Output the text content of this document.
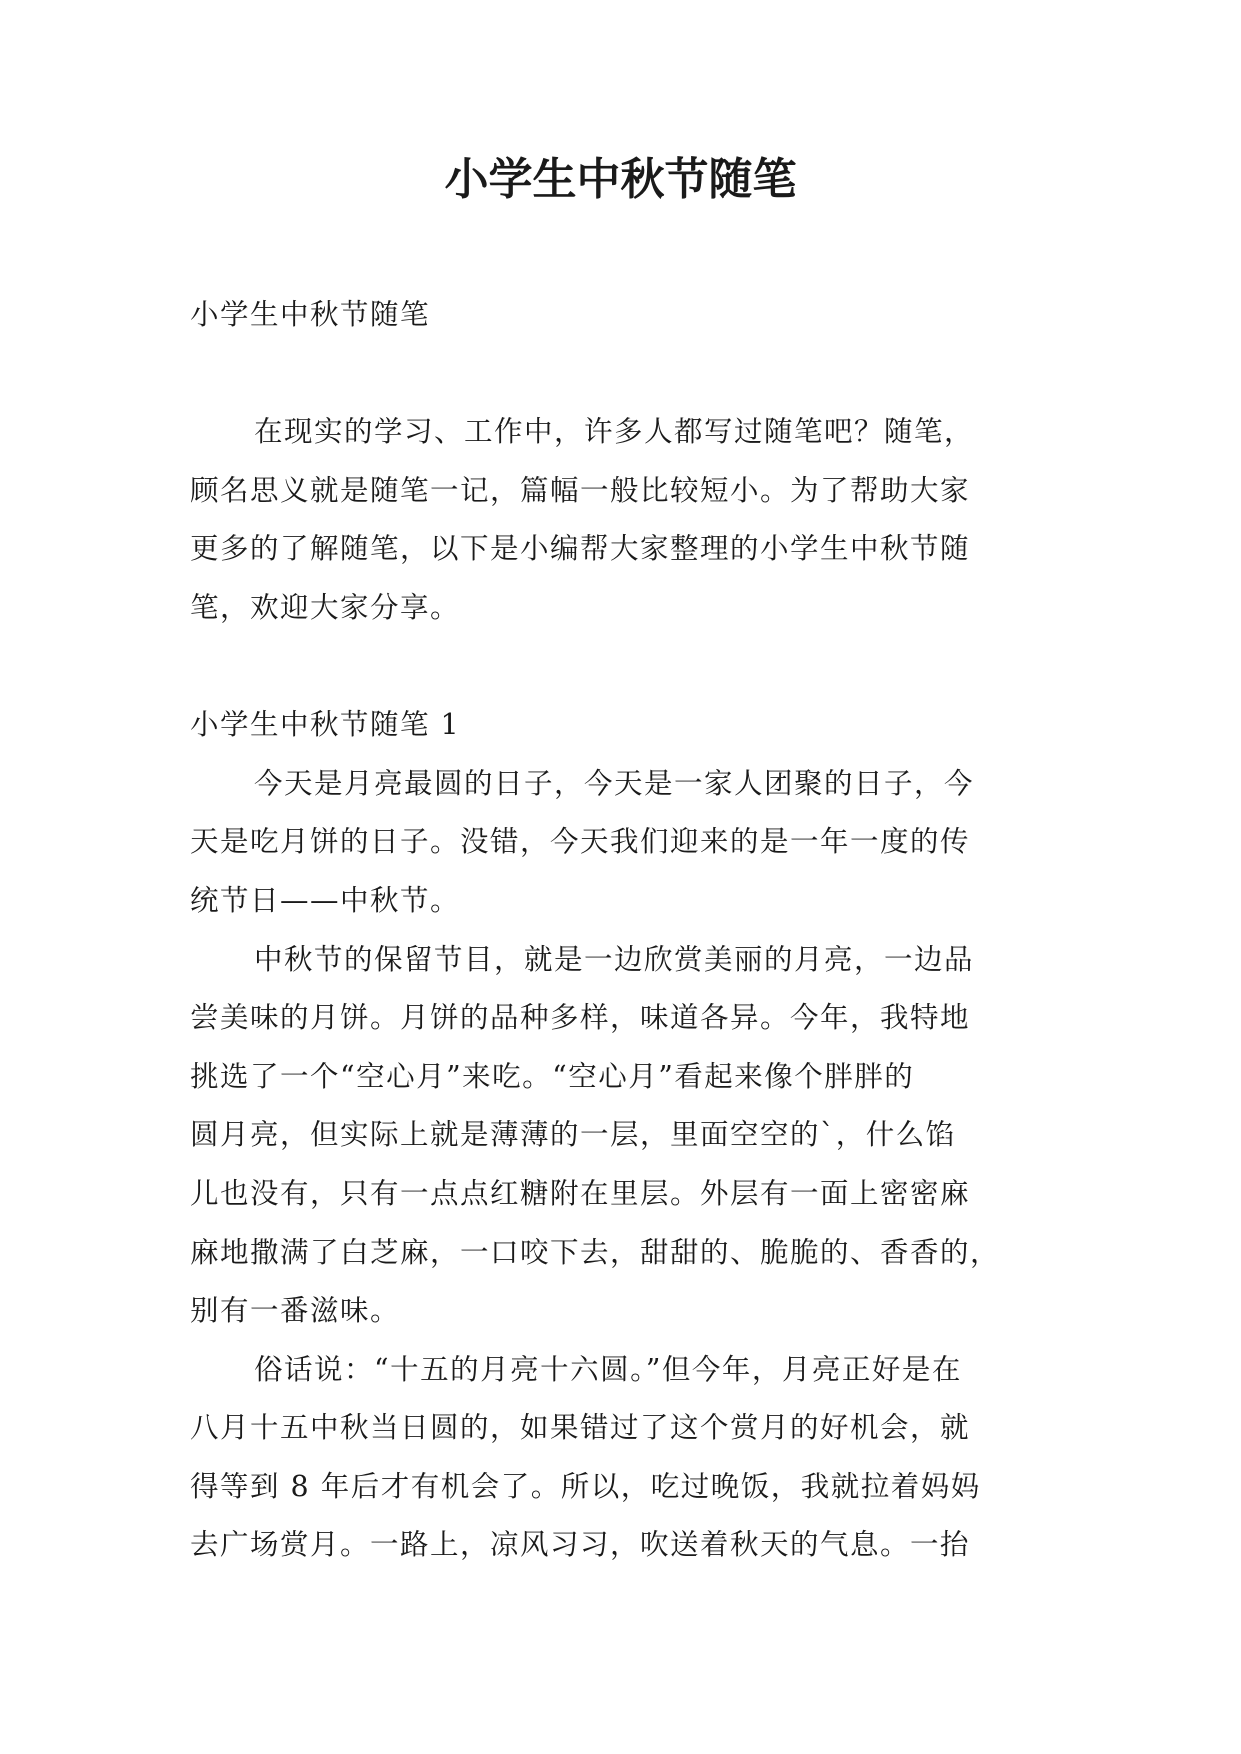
小学生中秋节随笔

小学生中秋节随笔

在现实的学习、工作中，许多人都写过随笔吧？随笔，

顾名思义就是随笔一记，篇幅一般比较短小。为了帮助大家

更多的了解随笔，以下是小编帮大家整理的小学生中秋节随

笔，欢迎大家分享。

小学生中秋节随笔 1

今天是月亮最圆的日子，今天是一家人团聚的日子，今

天是吃月饼的日子。没错，今天我们迎来的是一年一度的传

统节日——中秋节。

中秋节的保留节目，就是一边欣赏美丽的月亮，一边品

尝美味的月饼。月饼的品种多样，味道各异。今年，我特地

挑选了一个“空心月”来吃。“空心月”看起来像个胖胖的

圆月亮，但实际上就是薄薄的一层，里面空空的`，什么馅

儿也没有，只有一点点红糖附在里层。外层有一面上密密麻

麻地撒满了白芝麻，一口咬下去，甜甜的、脆脆的、香香的，

别有一番滋味。

俗话说：“十五的月亮十六圆。”但今年，月亮正好是在

八月十五中秋当日圆的，如果错过了这个赏月的好机会，就

得等到 8 年后才有机会了。所以，吃过晚饭，我就拉着妈妈

去广场赏月。一路上，凉风习习，吹送着秋天的气息。一抬
